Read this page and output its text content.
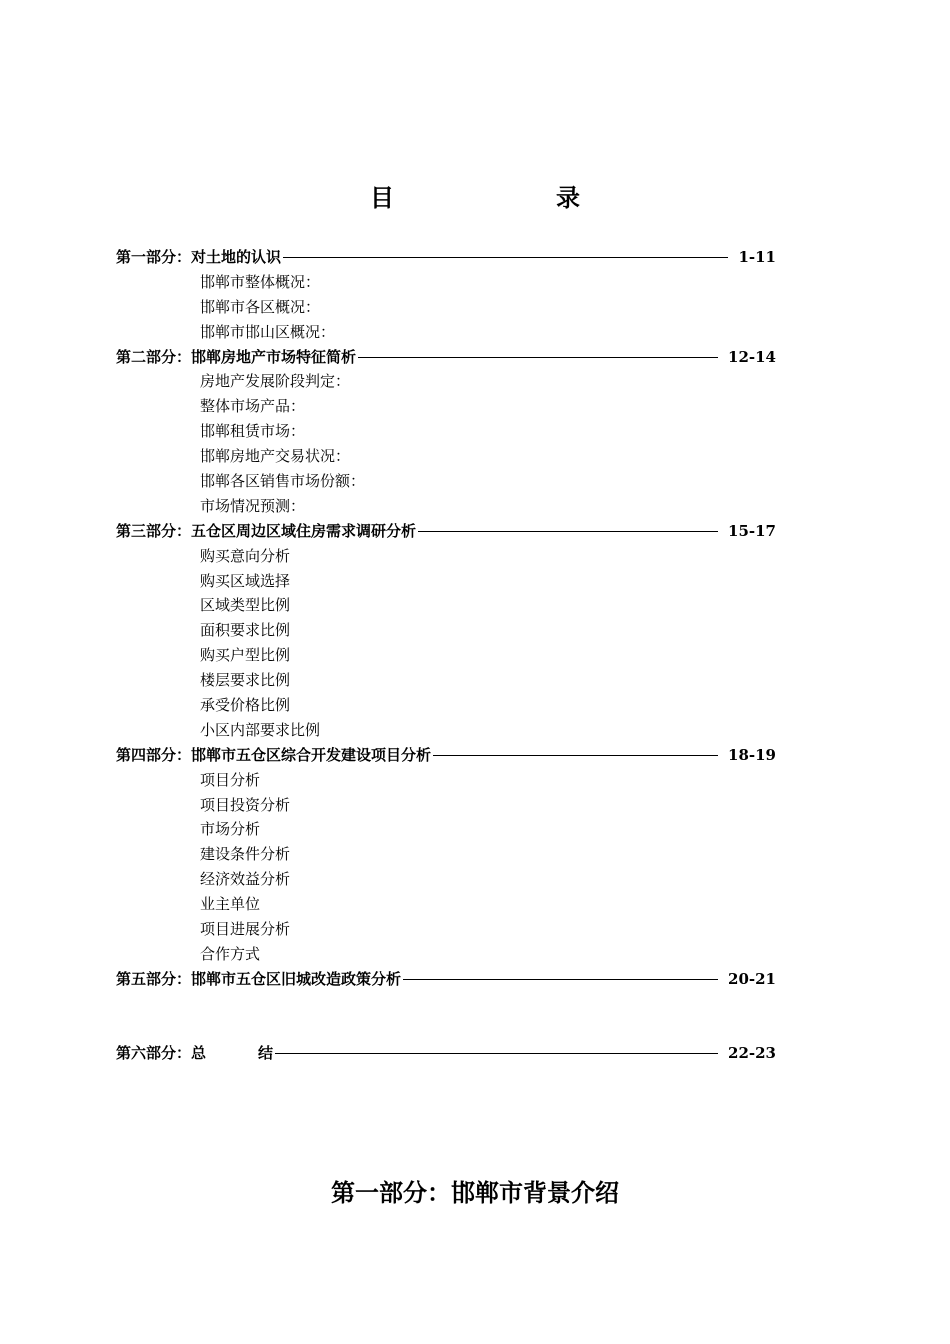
目　　录
第一部分：对土地的认识	1-11
邯郸市整体概况：
邯郸市各区概况：
邯郸市邯山区概况：
第二部分：邯郸房地产市场特征简析	12-14
房地产发展阶段判定：
整体市场产品：
邯郸租赁市场：
邯郸房地产交易状况：
邯郸各区销售市场份额：
市场情况预测：
第三部分：五仓区周边区域住房需求调研分析	15-17
购买意向分析
购买区域选择
区域类型比例
面积要求比例
购买户型比例
楼层要求比例
承受价格比例
小区内部要求比例
第四部分：邯郸市五仓区综合开发建设项目分析	18-19
项目分析
项目投资分析
市场分析
建设条件分析
经济效益分析
业主单位
项目进展分析
合作方式
第五部分：邯郸市五仓区旧城改造政策分析	20-21
第六部分：总	结	22-23
第一部分：邯郸市背景介绍
